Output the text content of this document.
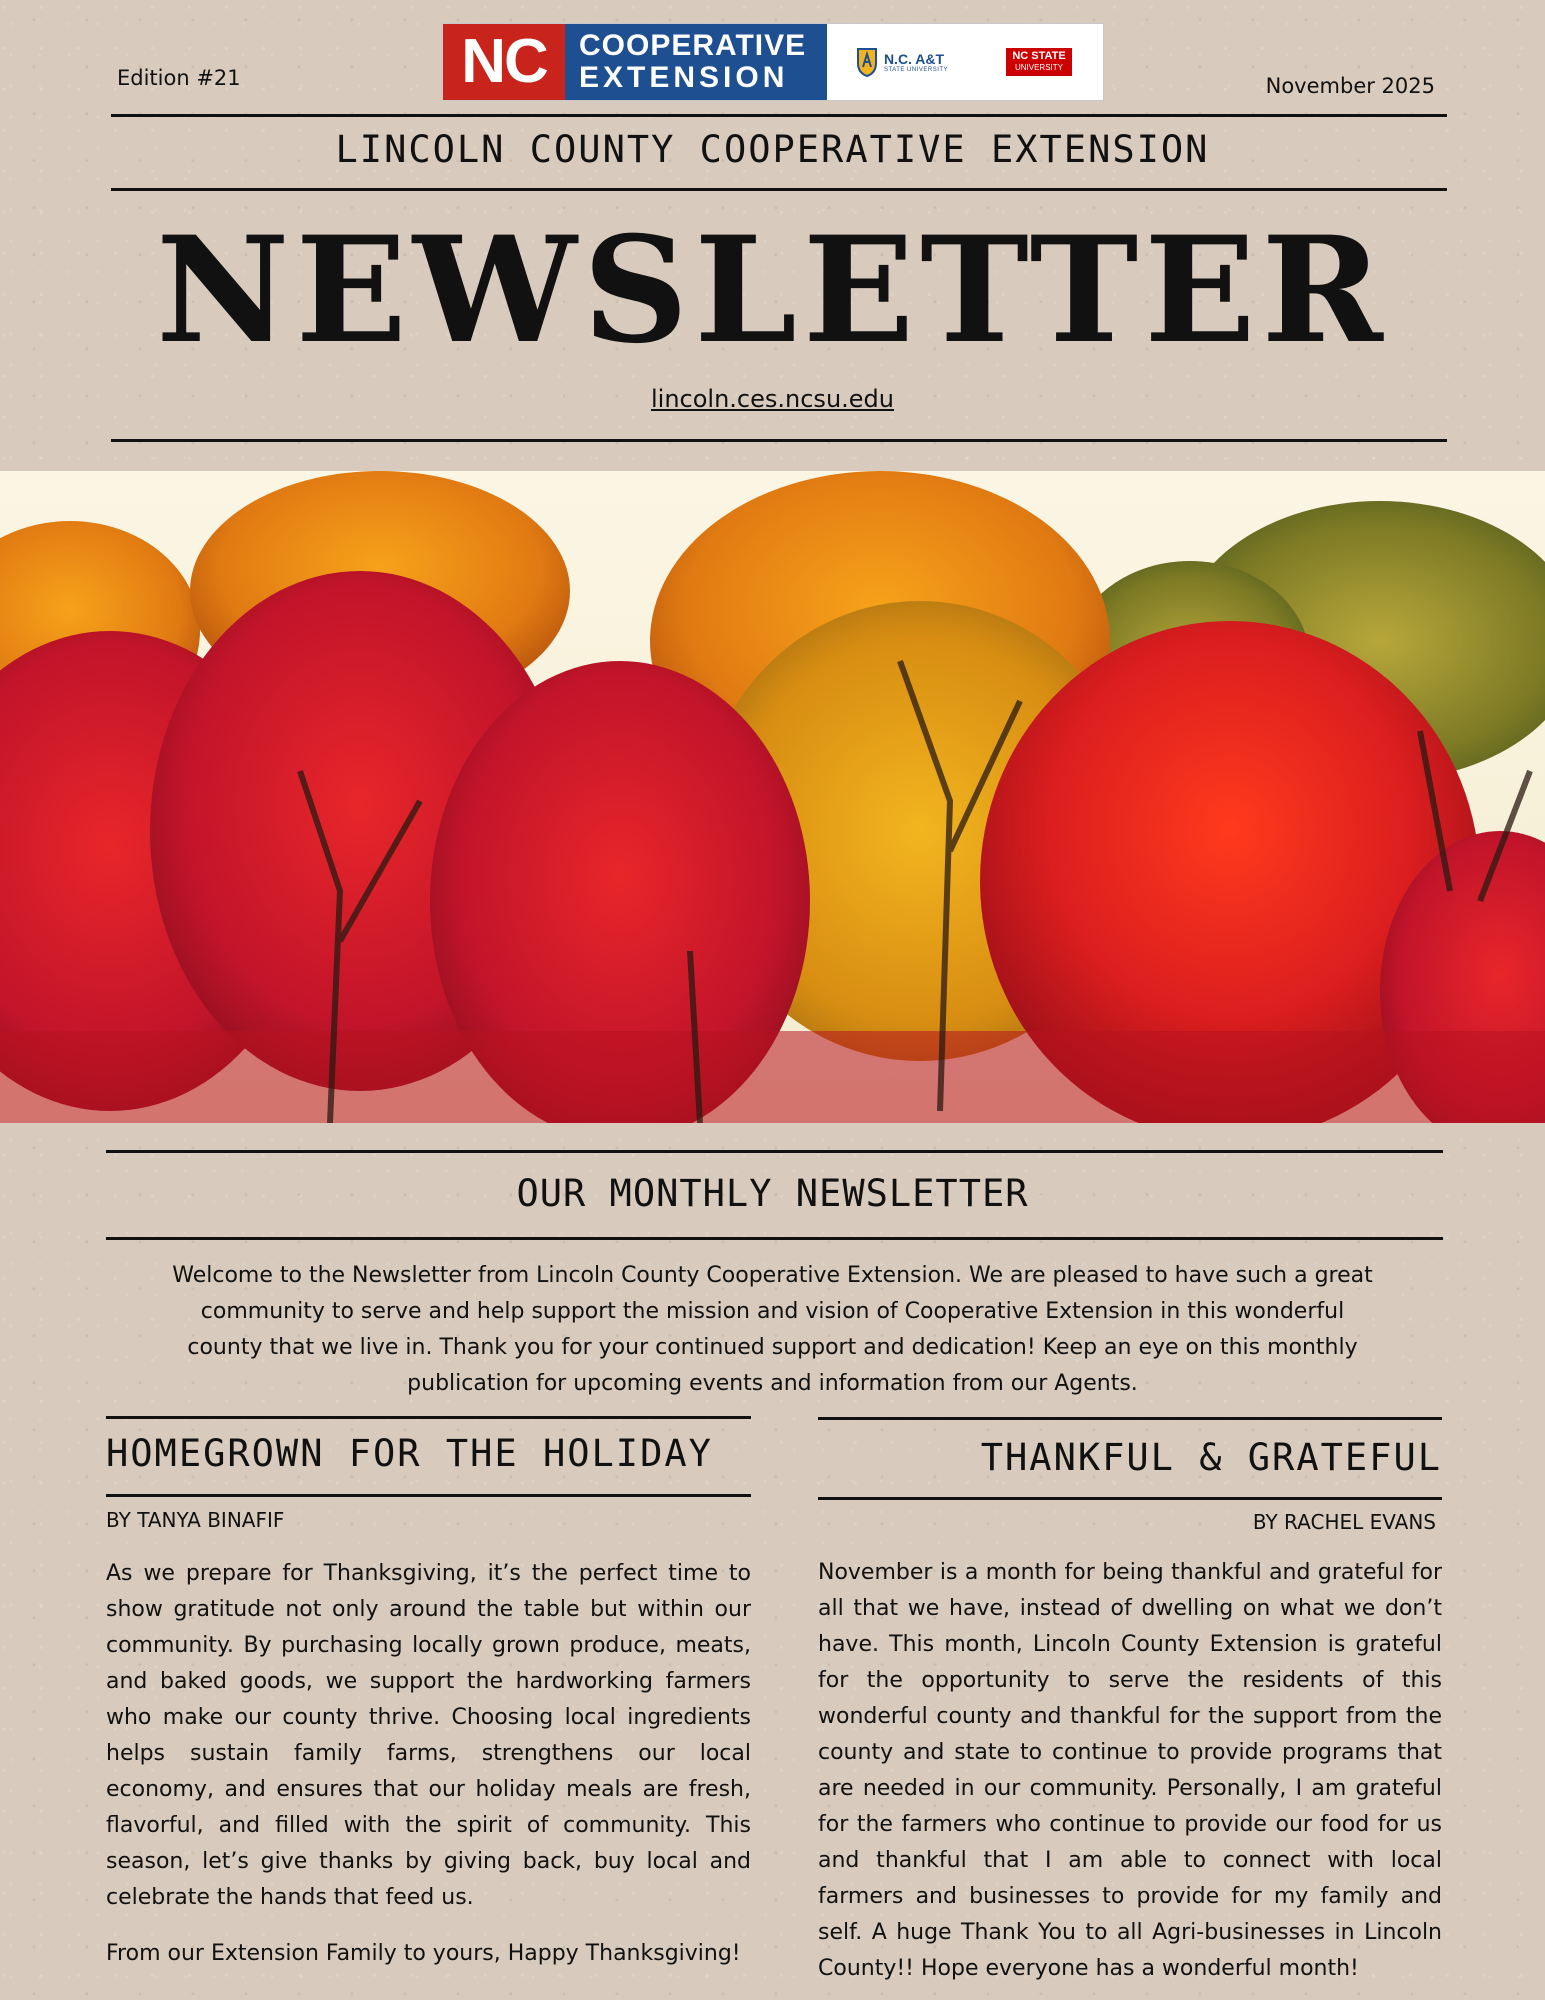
Edition #21	NC	COOPERATIVE
EXTENSION
N.C. A&T
STATE UNIVERSITY
NC STATE
UNIVERSITY
November 2025
LINCOLN COUNTY COOPERATIVE EXTENSION
NEWSLETTER
lincoln.ces.ncsu.edu
OUR MONTHLY NEWSLETTER
Welcome to the Newsletter from Lincoln County Cooperative Extension. We are pleased to have such a great community to serve and help support the mission and vision of Cooperative Extension in this wonderful county that we live in. Thank you for your continued support and dedication! Keep an eye on this monthly publication for upcoming events and information from our Agents.
HOMEGROWN FOR THE HOLIDAY
BY TANYA BINAFIF
As we prepare for Thanksgiving, it’s the perfect time to show gratitude not only around the table but within our community. By purchasing locally grown produce, meats, and baked goods, we support the hardworking farmers who make our county thrive. Choosing local ingredients helps sustain family farms, strengthens our local economy, and ensures that our holiday meals are fresh, flavorful, and filled with the spirit of community. This season, let’s give thanks by giving back, buy local and celebrate the hands that feed us.
From our Extension Family to yours, Happy Thanksgiving!
THANKFUL & GRATEFUL
BY RACHEL EVANS
November is a month for being thankful and grateful for all that we have, instead of dwelling on what we don’t have. This month, Lincoln County Extension is grateful for the opportunity to serve the residents of this wonderful county and thankful for the support from the county and state to continue to provide programs that are needed in our community. Personally, I am grateful for the farmers who continue to provide our food for us and thankful that I am able to connect with local farmers and businesses to provide for my family and self. A huge Thank You to all Agri-businesses in Lincoln County!! Hope everyone has a wonderful month!
